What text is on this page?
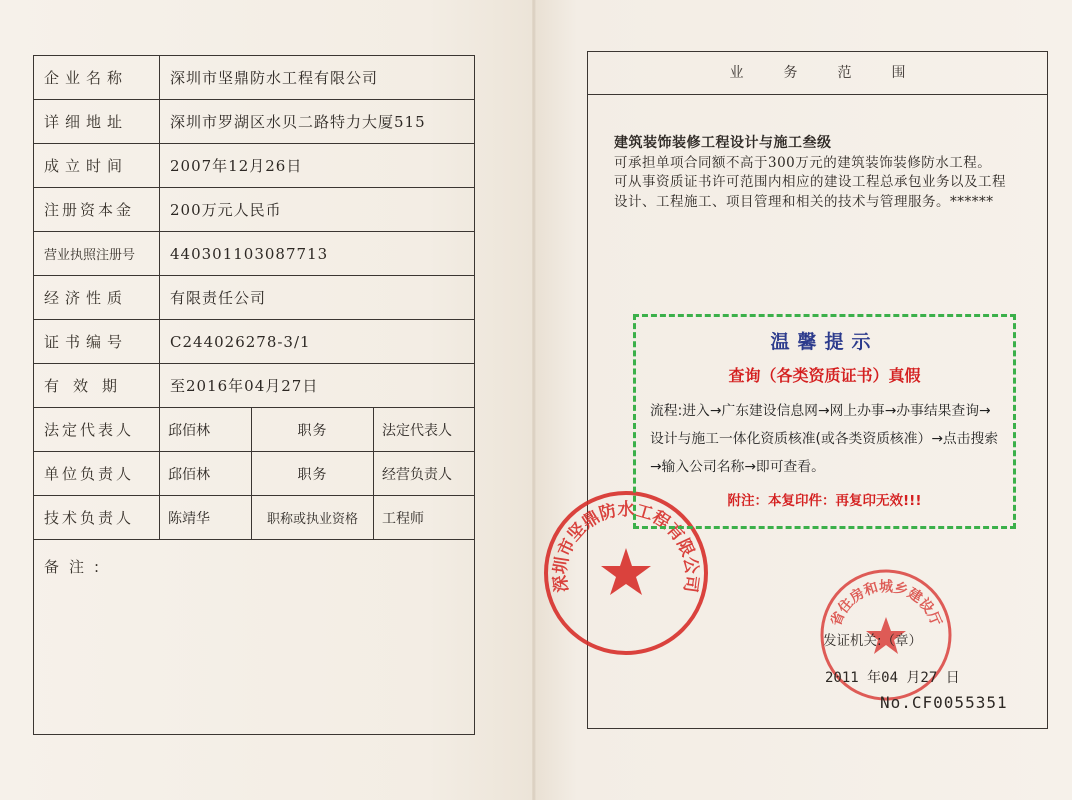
企业名称	深圳市坚鼎防水工程有限公司		
详细地址	深圳市罗湖区水贝二路特力大厦515		
成立时间	2007年12月26日		
注册资本金	200万元人民币		
营业执照注册号	440301103087713		
经济性质	有限责任公司		
证书编号	C244026278-3/1		
有效期	至2016年04月27日		
法定代表人	邱佰林	职务	法定代表人
单位负责人	邱佰林	职务	经营负责人
技术负责人	陈靖华	职称或执业资格	工程师
备注:			
业务范围
建筑装饰装修工程设计与施工叁级
可承担单项合同额不高于300万元的建筑装饰装修防水工程。
可从事资质证书许可范围内相应的建设工程总承包业务以及工程设计、工程施工、项目管理和相关的技术与管理服务。******
深圳市坚鼎防水工程有限公司
温馨提示
查询（各类资质证书）真假
流程:进入→广东建设信息网→网上办事→办事结果查询→设计与施工一体化资质核准(或各类资质核准）→点击搜索→输入公司名称→即可查看。
附注：本复印件：再复印无效!!!
省住房和城乡建设厅
发证机关:（章）
2011 年04 月27 日
No.CF0055351
